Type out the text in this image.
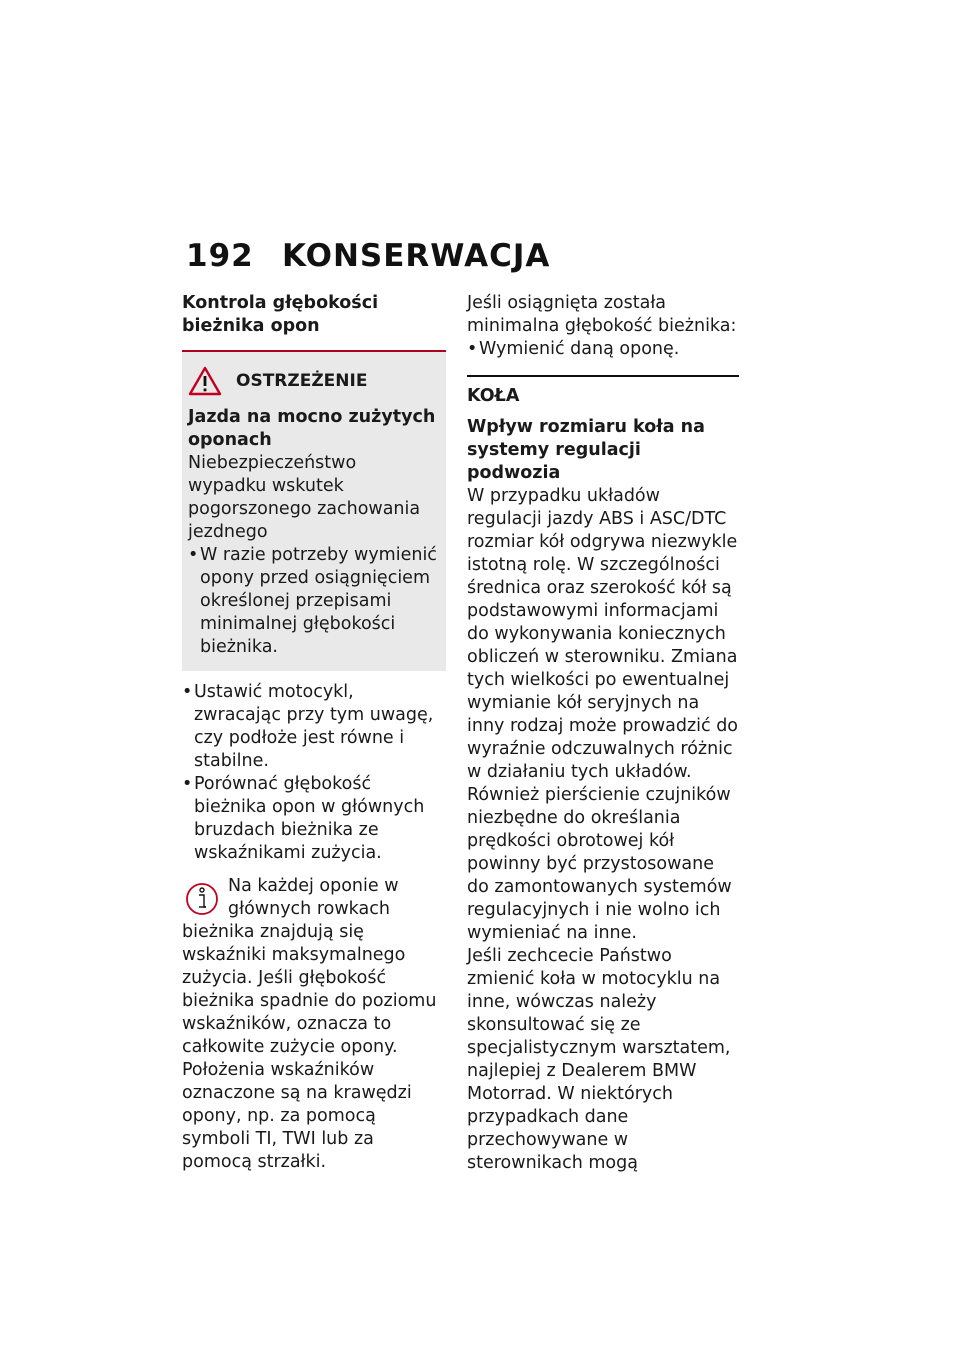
192 KONSERWACJA
Kontrola głębokości bieżnika opon
OSTRZEŻENIE
Jazda na mocno zużytych oponach
Niebezpieczeństwo wypadku wskutek pogorszonego zachowania jezdnego
• W razie potrzeby wymienić opony przed osiągnięciem określonej przepisami minimalnej głębokości bieżnika.
• Ustawić motocykl, zwracając przy tym uwagę, czy podłoże jest równe i stabilne.
• Porównać głębokość bieżnika opon w głównych bruzdach bieżnika ze wskaźnikami zużycia.

Na każdej oponie w głównych rowkach bieżnika znajdują się wskaźniki maksymalnego zużycia. Jeśli głębokość bieżnika spadnie do poziomu wskaźników, oznacza to całkowite zużycie opony. Położenia wskaźników oznaczone są na krawędzi opony, np. za pomocą symboli TI, TWI lub za pomocą strzałki.

Jeśli osiągnięta została minimalna głębokość bieżnika:
• Wymienić daną oponę.
KOŁA
Wpływ rozmiaru koła na systemy regulacji podwozia

W przypadku układów regulacji jazdy ABS i ASC/DTC rozmiar kół odgrywa niezwykle istotną rolę. W szczególności średnica oraz szerokość kół są podstawowymi informacjami do wykonywania koniecznych obliczeń w sterowniku. Zmiana tych wielkości po ewentualnej wymianie kół seryjnych na inny rodzaj może prowadzić do wyraźnie odczuwalnych różnic w działaniu tych układów.

Również pierścienie czujników niezbędne do określania prędkości obrotowej kół powinny być przystosowane do zamontowanych systemów regulacyjnych i nie wolno ich wymieniać na inne.

Jeśli zechcecie Państwo zmienić koła w motocyklu na inne, wówczas należy skonsultować się ze specjalistycznym warsztatem, najlepiej z Dealerem BMW Motorrad. W niektórych przypadkach dane przechowywane w sterownikach mogą
